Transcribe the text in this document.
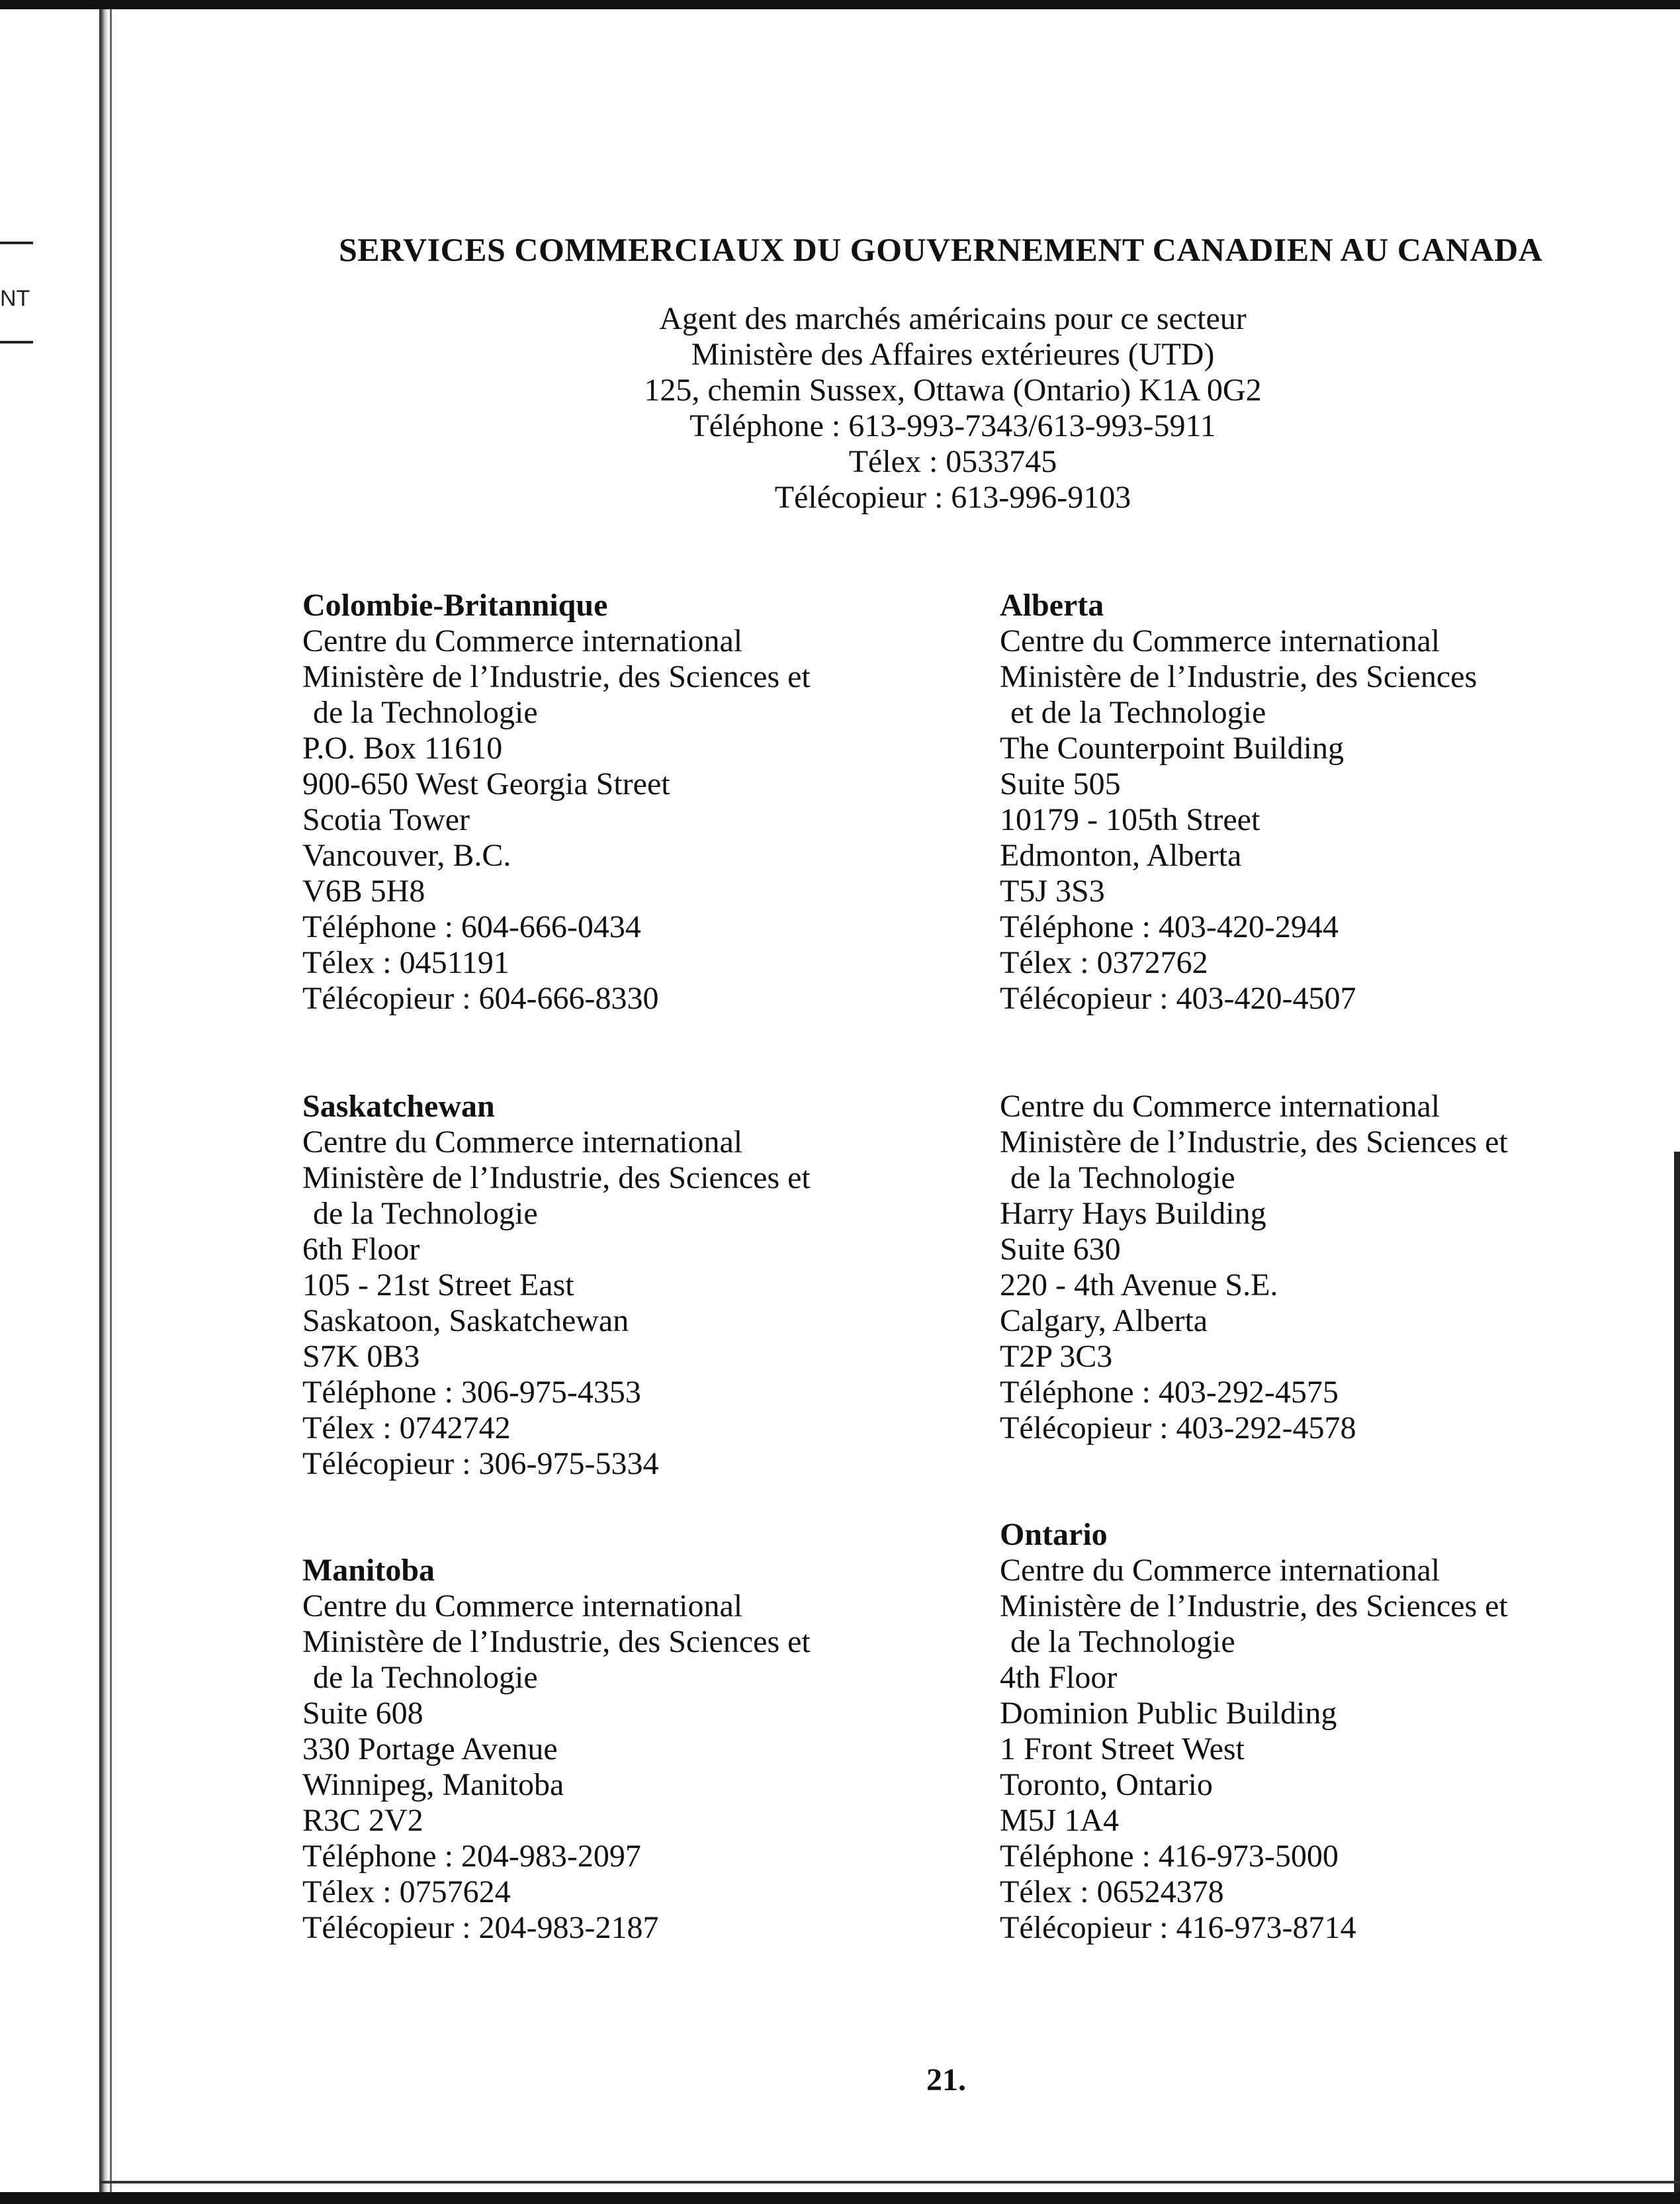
NT
SERVICES COMMERCIAUX DU GOUVERNEMENT CANADIEN AU CANADA
Agent des marchés américains pour ce secteur
Ministère des Affaires extérieures (UTD)
125, chemin Sussex, Ottawa (Ontario) K1A 0G2
Téléphone : 613-993-7343/613-993-5911
Télex : 0533745
Télécopieur : 613-996-9103
Colombie-Britannique
Centre du Commerce international
Ministère de l’Industrie, des Sciences et
de la Technologie
P.O. Box 11610
900-650 West Georgia Street
Scotia Tower
Vancouver, B.C.
V6B 5H8
Téléphone : 604-666-0434
Télex : 0451191
Télécopieur : 604-666-8330
Alberta
Centre du Commerce international
Ministère de l’Industrie, des Sciences
et de la Technologie
The Counterpoint Building
Suite 505
10179 - 105th Street
Edmonton, Alberta
T5J 3S3
Téléphone : 403-420-2944
Télex : 0372762
Télécopieur : 403-420-4507
Saskatchewan
Centre du Commerce international
Ministère de l’Industrie, des Sciences et
de la Technologie
6th Floor
105 - 21st Street East
Saskatoon, Saskatchewan
S7K 0B3
Téléphone : 306-975-4353
Télex : 0742742
Télécopieur : 306-975-5334
Centre du Commerce international
Ministère de l’Industrie, des Sciences et
de la Technologie
Harry Hays Building
Suite 630
220 - 4th Avenue S.E.
Calgary, Alberta
T2P 3C3
Téléphone : 403-292-4575
Télécopieur : 403-292-4578
Manitoba
Centre du Commerce international
Ministère de l’Industrie, des Sciences et
de la Technologie
Suite 608
330 Portage Avenue
Winnipeg, Manitoba
R3C 2V2
Téléphone : 204-983-2097
Télex : 0757624
Télécopieur : 204-983-2187
Ontario
Centre du Commerce international
Ministère de l’Industrie, des Sciences et
de la Technologie
4th Floor
Dominion Public Building
1 Front Street West
Toronto, Ontario
M5J 1A4
Téléphone : 416-973-5000
Télex : 06524378
Télécopieur : 416-973-8714
21.
